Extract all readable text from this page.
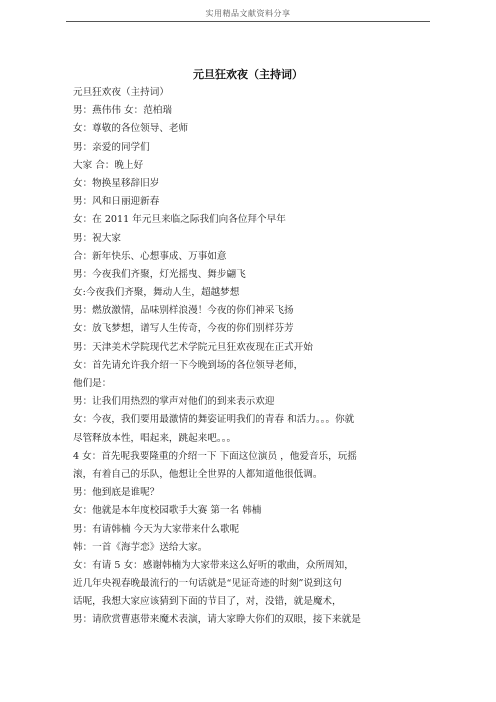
实用精品文献资料分享
元旦狂欢夜（主持词）
元旦狂欢夜（主持词）
男：燕伟伟 女：范柏瑞
女：尊敬的各位领导、老师
男：亲爱的同学们
大家 合：晚上好
女：物换星移辞旧岁
男：风和日丽迎新春
女：在 2011 年元旦来临之际我们向各位拜个早年
男：祝大家
合：新年快乐、心想事成、万事如意
男：今夜我们齐聚，灯光摇曳、舞步翩飞
女:今夜我们齐聚，舞动人生，超越梦想
男：燃放激情，品味别样浪漫！今夜的你们神采飞扬
女：放飞梦想，谱写人生传奇，今夜的你们别样芬芳
男：天津美术学院现代艺术学院元旦狂欢夜现在正式开始
女：首先请允许我介绍一下今晚到场的各位领导老师，
他们是：
男：让我们用热烈的掌声对他们的到来表示欢迎
女：今夜，我们要用最激情的舞姿证明我们的青春 和活力。。。你就
尽管释放本性，唱起来，跳起来吧。。。
4 女：首先呢我要隆重的介绍一下 下面这位演员 ，他爱音乐，玩摇
滚，有着自己的乐队，他想让全世界的人都知道他很低调。
男：他到底是谁呢？
女：他就是本年度校园歌手大赛 第一名 韩楠
男：有请韩楠 今天为大家带来什么歌呢
韩：一首《海芋恋》送给大家。
女：有请 5 女：感谢韩楠为大家带来这么好听的歌曲，众所周知，
近几年央视春晚最流行的一句话就是“见证奇迹的时刻”说到这句
话呢，我想大家应该猜到下面的节目了，对，没错，就是魔术，
男：请欣赏曹惠带来魔术表演，请大家睁大你们的双眼，接下来就是
